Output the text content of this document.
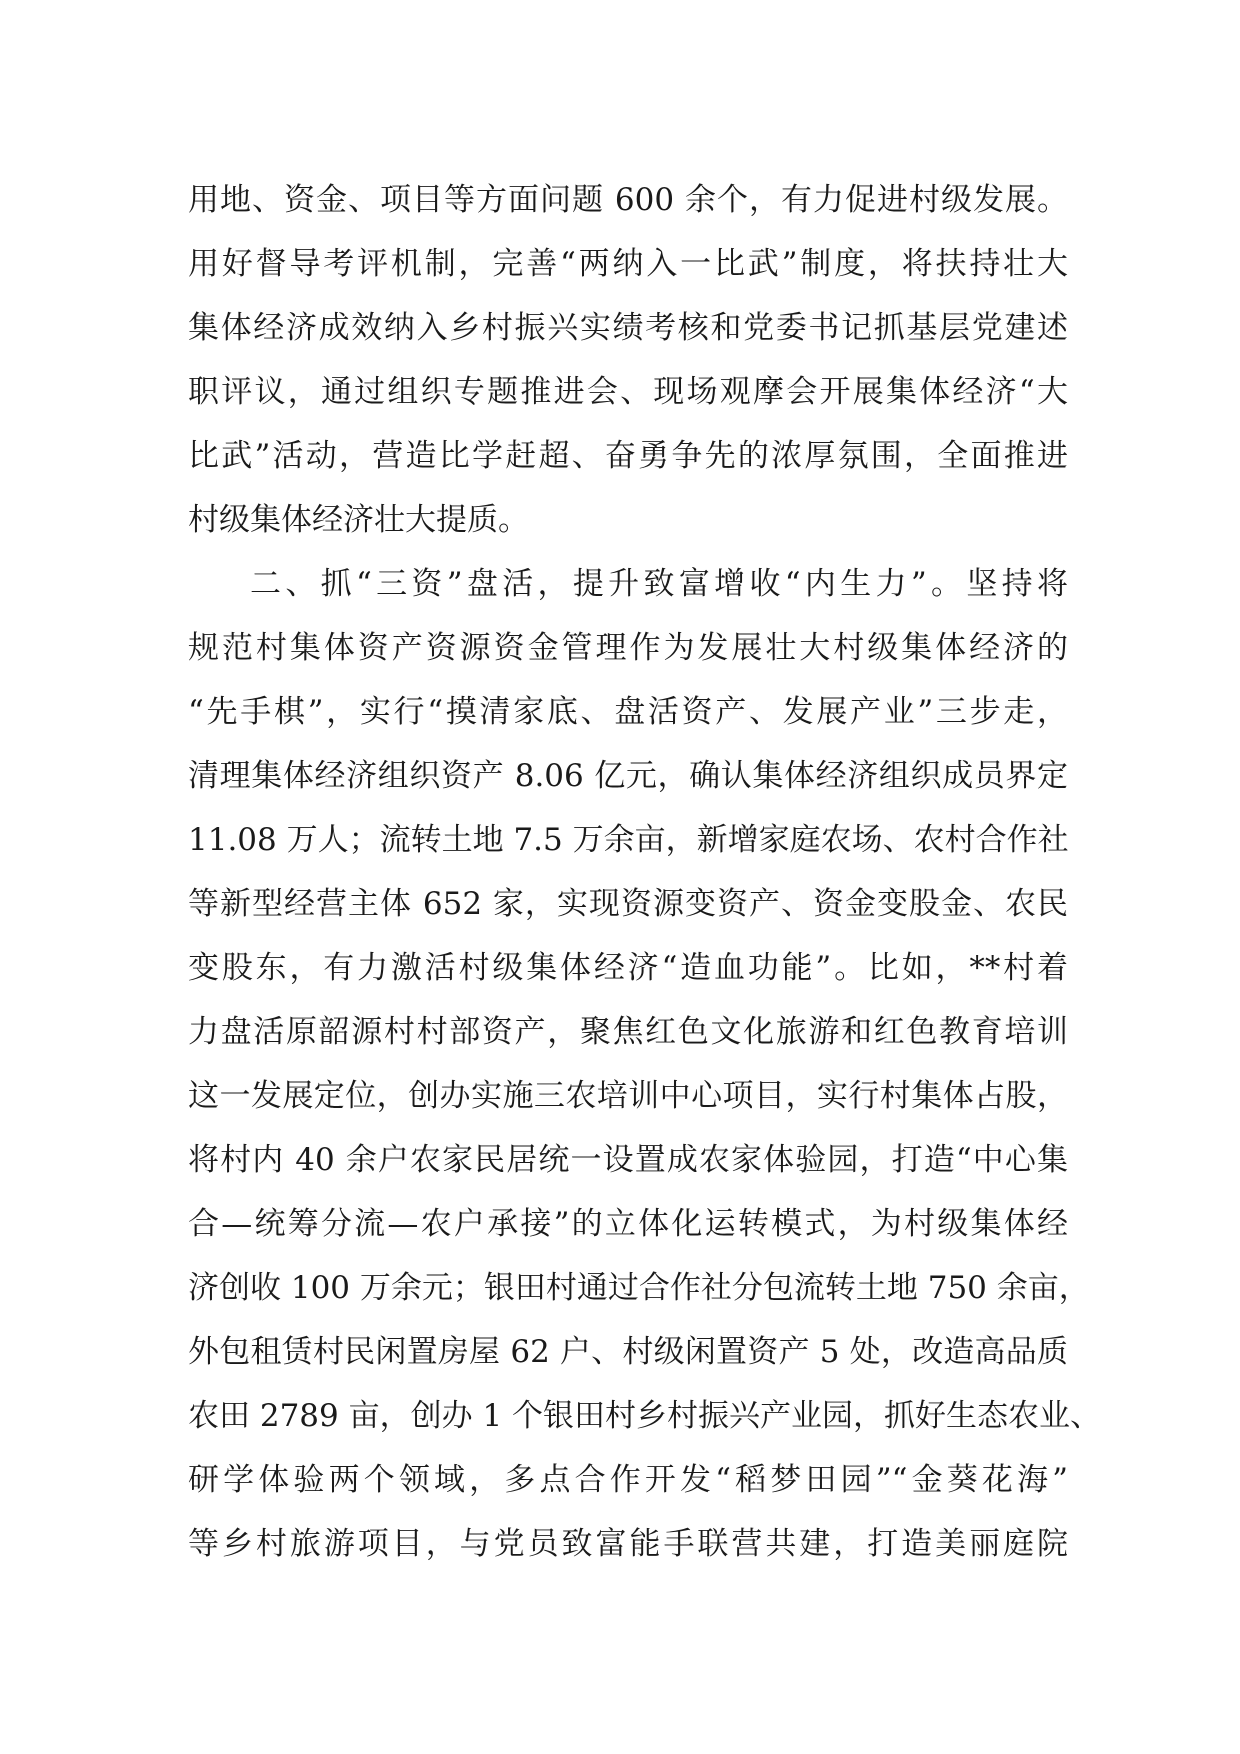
用地、资金、项目等方面问题 600 余个，有力促进村级发展。
用好督导考评机制，完善“两纳入一比武”制度，将扶持壮大
集体经济成效纳入乡村振兴实绩考核和党委书记抓基层党建述
职评议，通过组织专题推进会、现场观摩会开展集体经济“大
比武”活动，营造比学赶超、奋勇争先的浓厚氛围，全面推进
村级集体经济壮大提质。
二、抓“三资”盘活，提升致富增收“内生力”。坚持将
规范村集体资产资源资金管理作为发展壮大村级集体经济的
“先手棋”，实行“摸清家底、盘活资产、发展产业”三步走，
清理集体经济组织资产 8.06 亿元，确认集体经济组织成员界定
11.08 万人；流转土地 7.5 万余亩，新增家庭农场、农村合作社
等新型经营主体 652 家，实现资源变资产、资金变股金、农民
变股东，有力激活村级集体经济“造血功能”。比如，**村着
力盘活原韶源村村部资产，聚焦红色文化旅游和红色教育培训
这一发展定位，创办实施三农培训中心项目，实行村集体占股，
将村内 40 余户农家民居统一设置成农家体验园，打造“中心集
合—统筹分流—农户承接”的立体化运转模式，为村级集体经
济创收 100 万余元；银田村通过合作社分包流转土地 750 余亩，
外包租赁村民闲置房屋 62 户、村级闲置资产 5 处，改造高品质
农田 2789 亩，创办 1 个银田村乡村振兴产业园，抓好生态农业、
研学体验两个领域，多点合作开发“稻梦田园”“金葵花海”
等乡村旅游项目，与党员致富能手联营共建，打造美丽庭院
